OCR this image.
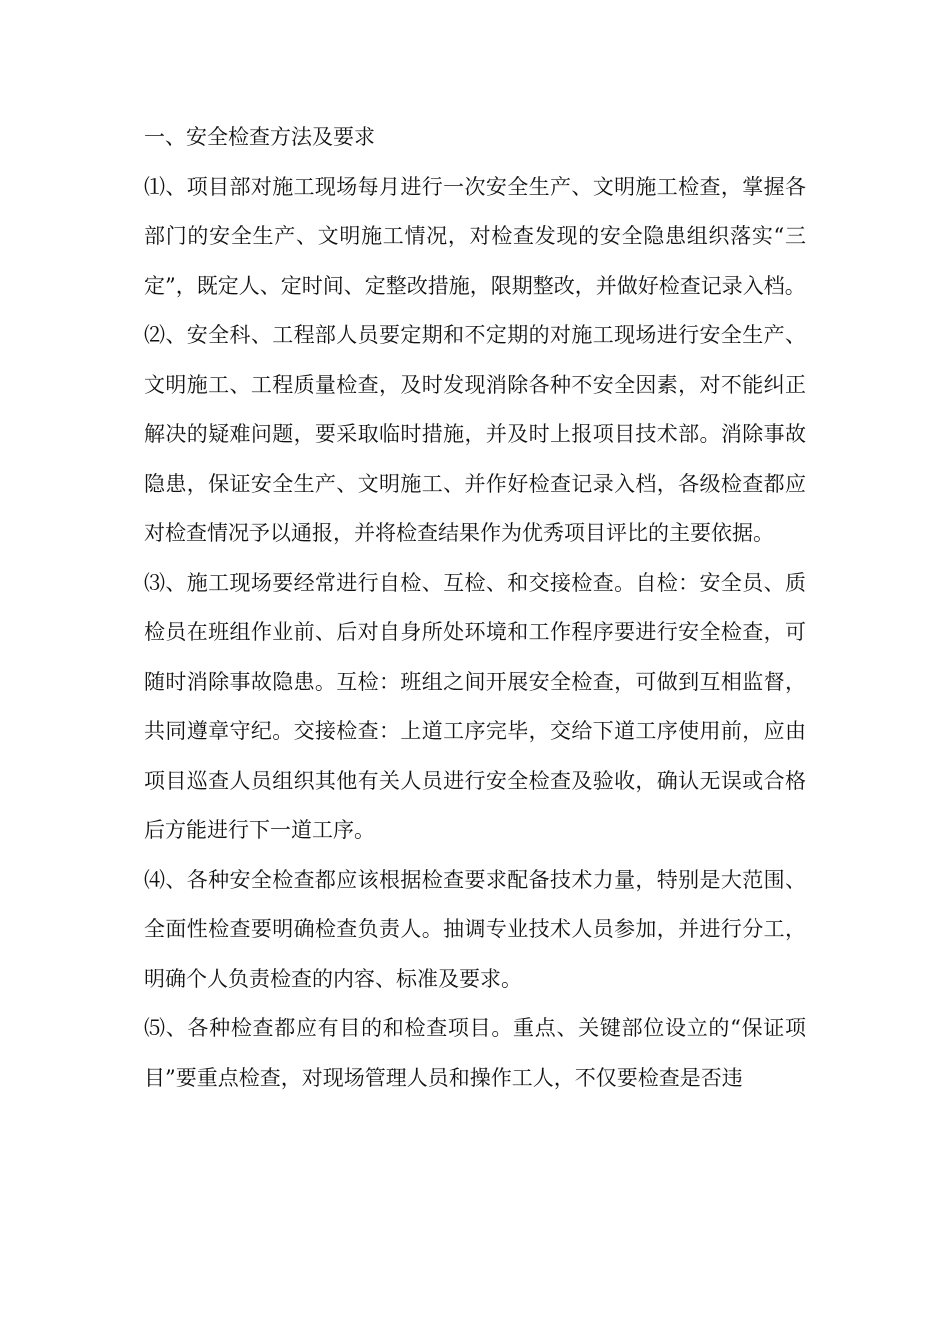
一、安全检查方法及要求

⑴、项目部对施工现场每月进行一次安全生产、文明施工检查，掌握各部门的安全生产、文明施工情况，对检查发现的安全隐患组织落实“三定”，既定人、定时间、定整改措施，限期整改，并做好检查记录入档。

⑵、安全科、工程部人员要定期和不定期的对施工现场进行安全生产、文明施工、工程质量检查，及时发现消除各种不安全因素，对不能纠正解决的疑难问题，要采取临时措施，并及时上报项目技术部。消除事故隐患，保证安全生产、文明施工、并作好检查记录入档，各级检查都应对检查情况予以通报，并将检查结果作为优秀项目评比的主要依据。

⑶、施工现场要经常进行自检、互检、和交接检查。自检：安全员、质检员在班组作业前、后对自身所处环境和工作程序要进行安全检查，可随时消除事故隐患。互检：班组之间开展安全检查，可做到互相监督，共同遵章守纪。交接检查：上道工序完毕，交给下道工序使用前，应由项目巡查人员组织其他有关人员进行安全检查及验收，确认无误或合格后方能进行下一道工序。

⑷、各种安全检查都应该根据检查要求配备技术力量，特别是大范围、全面性检查要明确检查负责人。抽调专业技术人员参加，并进行分工，明确个人负责检查的内容、标准及要求。

⑸、各种检查都应有目的和检查项目。重点、关键部位设立的“保证项目”要重点检查，对现场管理人员和操作工人，不仅要检查是否违
